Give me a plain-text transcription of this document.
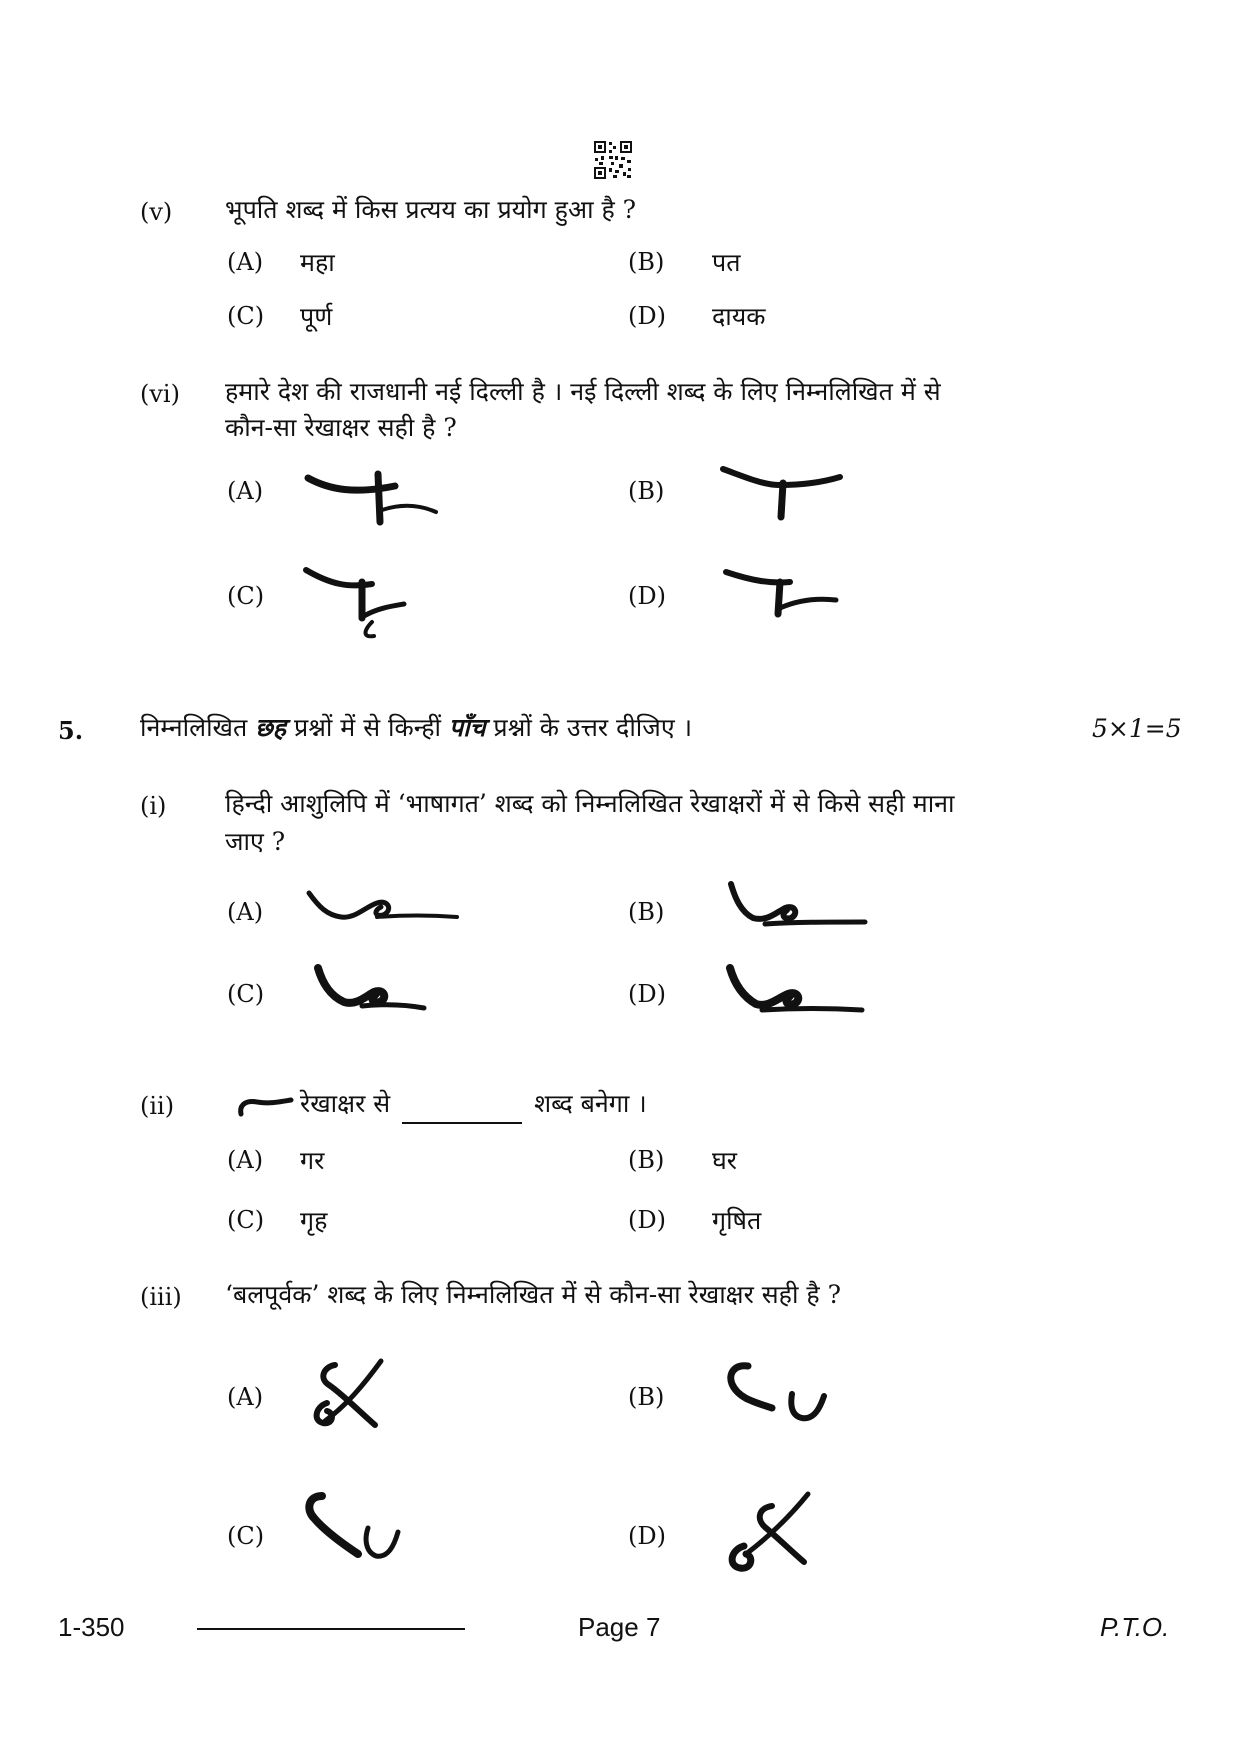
(v) भूपति शब्द में किस प्रत्यय का प्रयोग हुआ है ?
(A) महा	(B) पत
(C) पूर्ण	(D) दायक
(vi) हमारे देश की राजधानी नई दिल्ली है । नई दिल्ली शब्द के लिए निम्नलिखित में से
कौन-सा रेखाक्षर सही है ?
(A)	(B)
(C)	(D)
5. निम्नलिखित छह प्रश्नों में से किन्हीं पाँच प्रश्नों के उत्तर दीजिए ।	5×1=5
(i) हिन्दी आशुलिपि में ‘भाषागत’ शब्द को निम्नलिखित रेखाक्षरों में से किसे सही माना
जाए ?
(A)	(B)
(C)	(D)
(ii)	रेखाक्षर से	शब्द बनेगा ।
(A) गर	(B) घर
(C) गृह	(D) गृषित
(iii) ‘बलपूर्वक’ शब्द के लिए निम्नलिखित में से कौन-सा रेखाक्षर सही है ?
(A)	(B)
(C)	(D)
1-350	Page 7	P.T.O.
